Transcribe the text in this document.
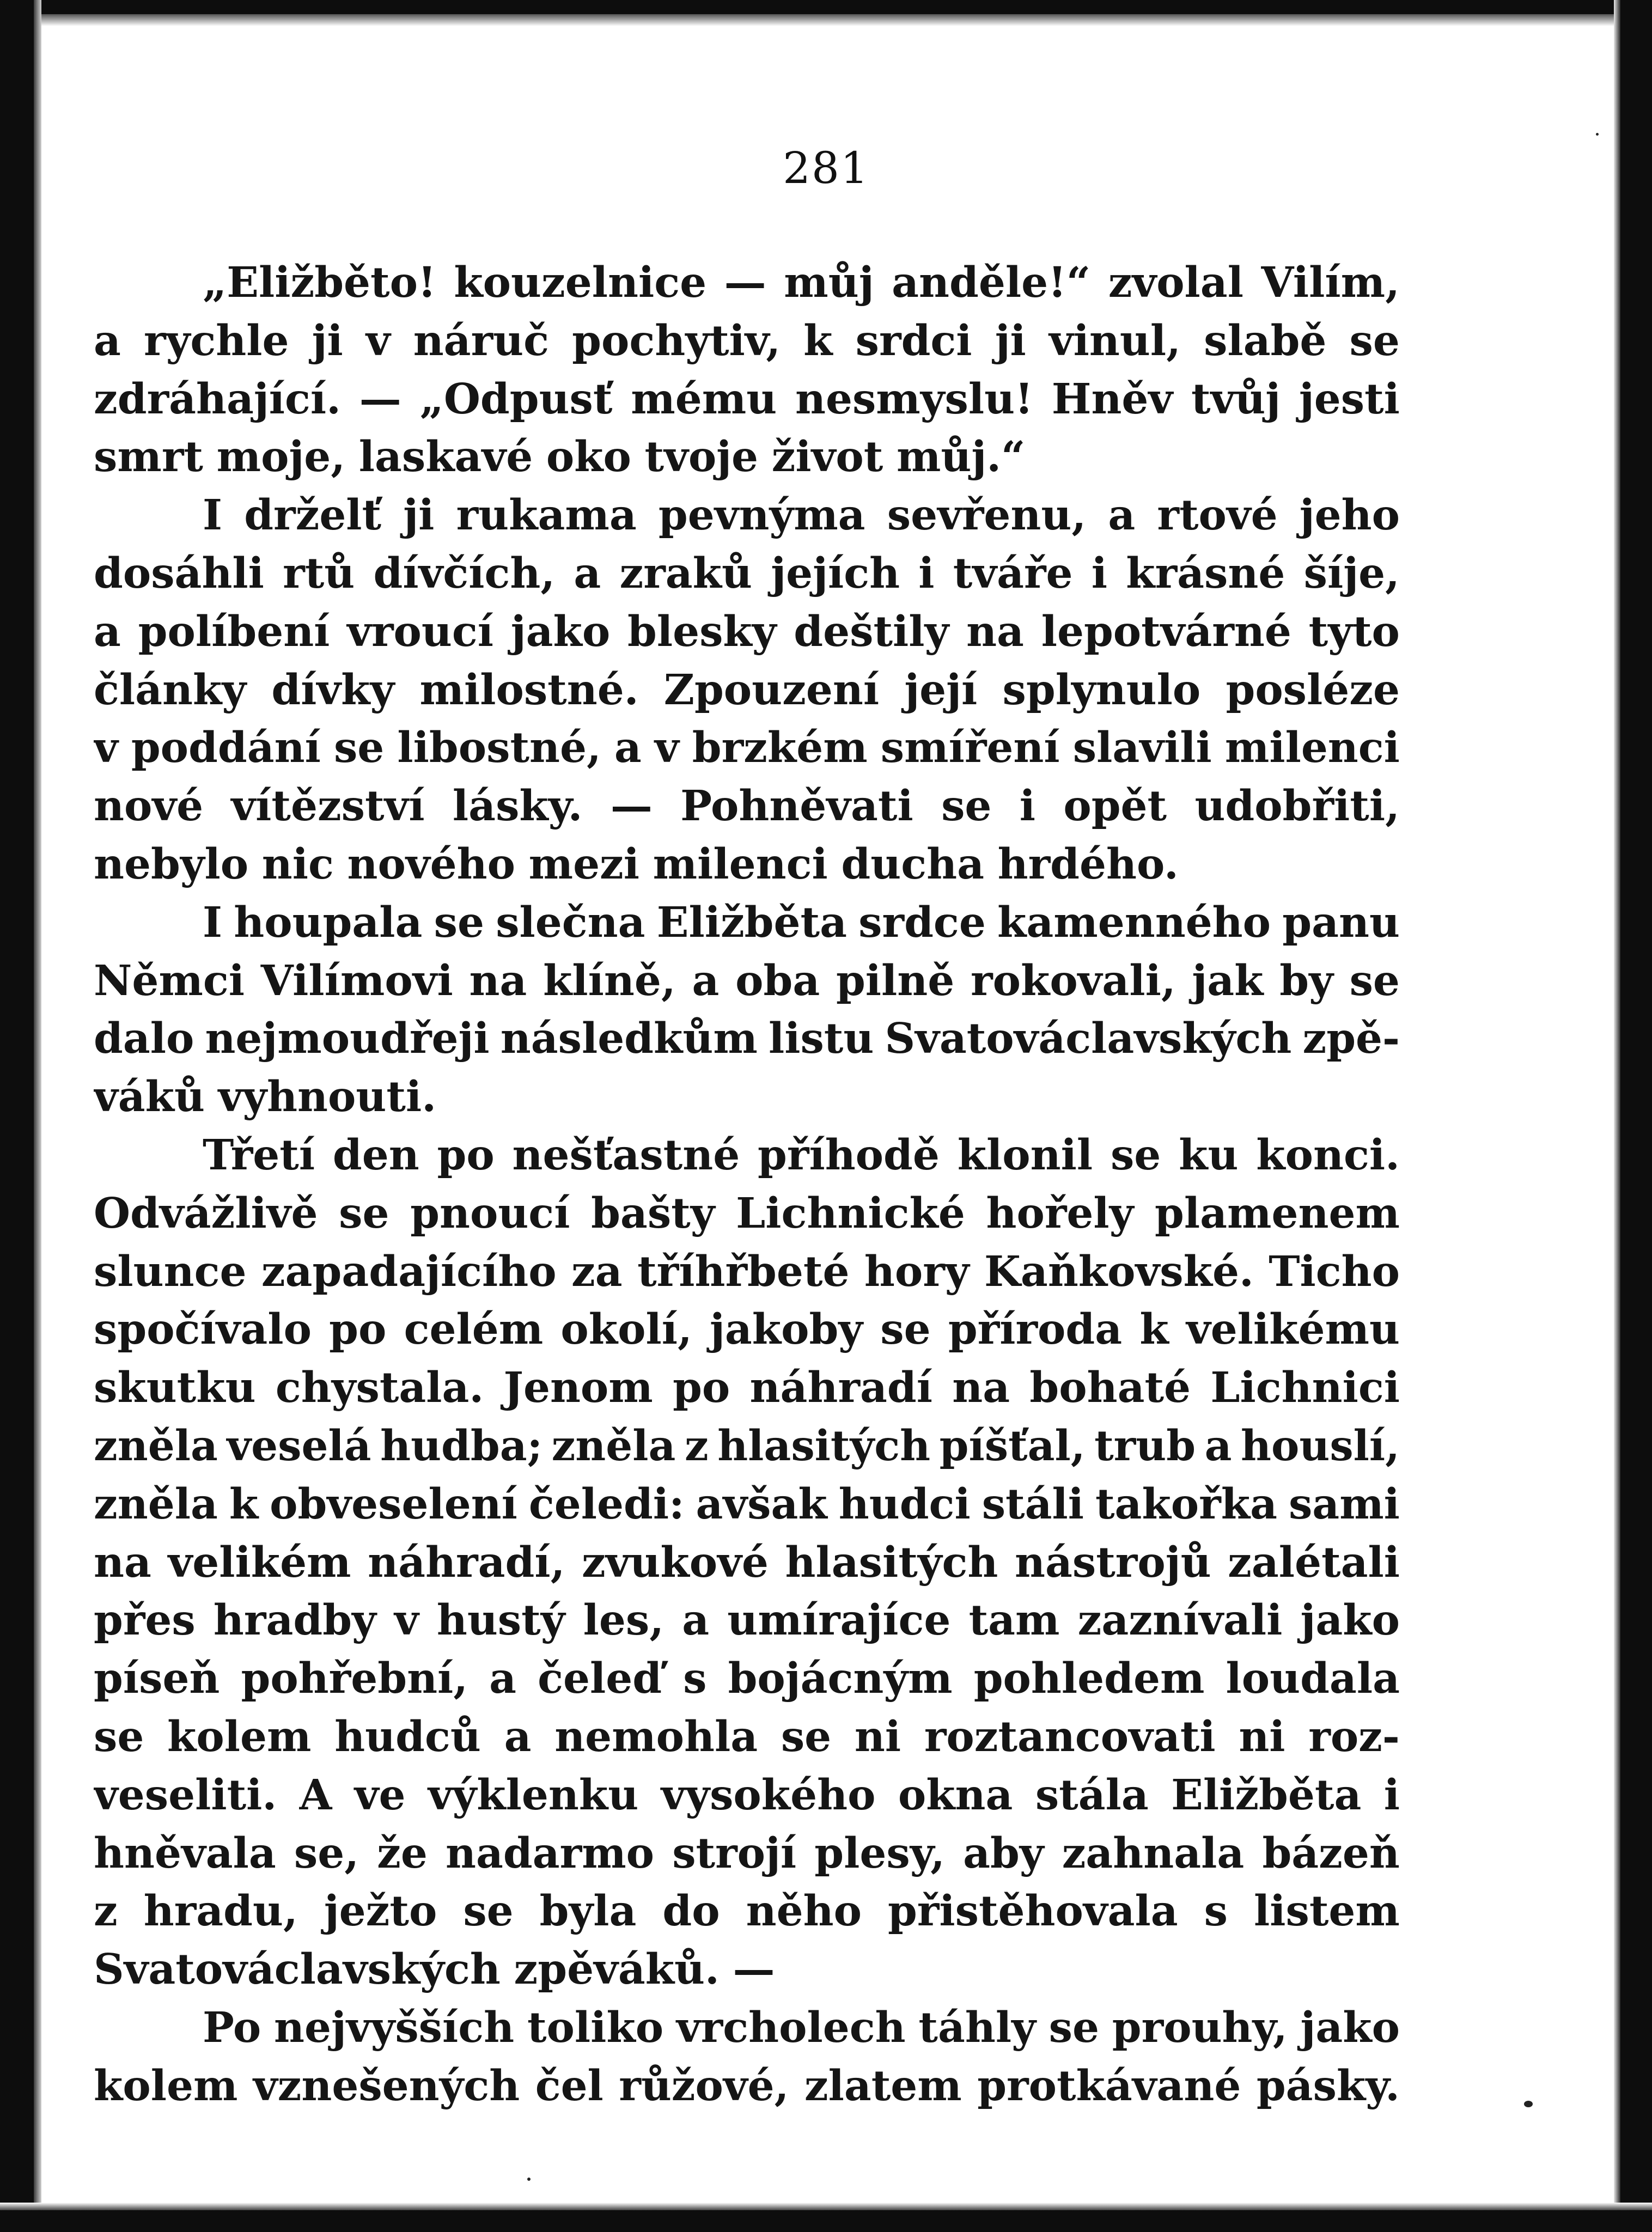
281
„Eližběto! kouzelnice — můj anděle!“ zvolal Vilím,
a rychle ji v náruč pochytiv, k srdci ji vinul, slabě se
zdráhající. — „Odpusť mému nesmyslu! Hněv tvůj jesti
smrt moje, laskavé oko tvoje život můj.“
I drželť ji rukama pevnýma sevřenu, a rtové jeho
dosáhli rtů dívčích, a zraků jejích i tváře i krásné šíje,
a políbení vroucí jako blesky deštily na lepotvárné tyto
články dívky milostné. Zpouzení její splynulo posléze
v poddání se libostné, a v brzkém smíření slavili milenci
nové vítězství lásky. — Pohněvati se i opět udobřiti,
nebylo nic nového mezi milenci ducha hrdého.
I houpala se slečna Eližběta srdce kamenného panu
Němci Vilímovi na klíně, a oba pilně rokovali, jak by se
dalo nejmoudřeji následkům listu Svatováclavských zpě-
váků vyhnouti.
Třetí den po nešťastné příhodě klonil se ku konci.
Odvážlivě se pnoucí bašty Lichnické hořely plamenem
slunce zapadajícího za tříhřbeté hory Kaňkovské. Ticho
spočívalo po celém okolí, jakoby se příroda k velikému
skutku chystala. Jenom po náhradí na bohaté Lichnici
zněla veselá hudba; zněla z hlasitých píšťal, trub a houslí,
zněla k obveselení čeledi: avšak hudci stáli takořka sami
na velikém náhradí, zvukové hlasitých nástrojů zalétali
přes hradby v hustý les, a umírajíce tam zaznívali jako
píseň pohřební, a čeleď s bojácným pohledem loudala
se kolem hudců a nemohla se ni roztancovati ni roz-
veseliti. A ve výklenku vysokého okna stála Eližběta i
hněvala se, že nadarmo strojí plesy, aby zahnala bázeň
z hradu, ježto se byla do něho přistěhovala s listem
Svatováclavských zpěváků. —
Po nejvyšších toliko vrcholech táhly se prouhy, jako
kolem vznešených čel růžové, zlatem protkávané pásky.
